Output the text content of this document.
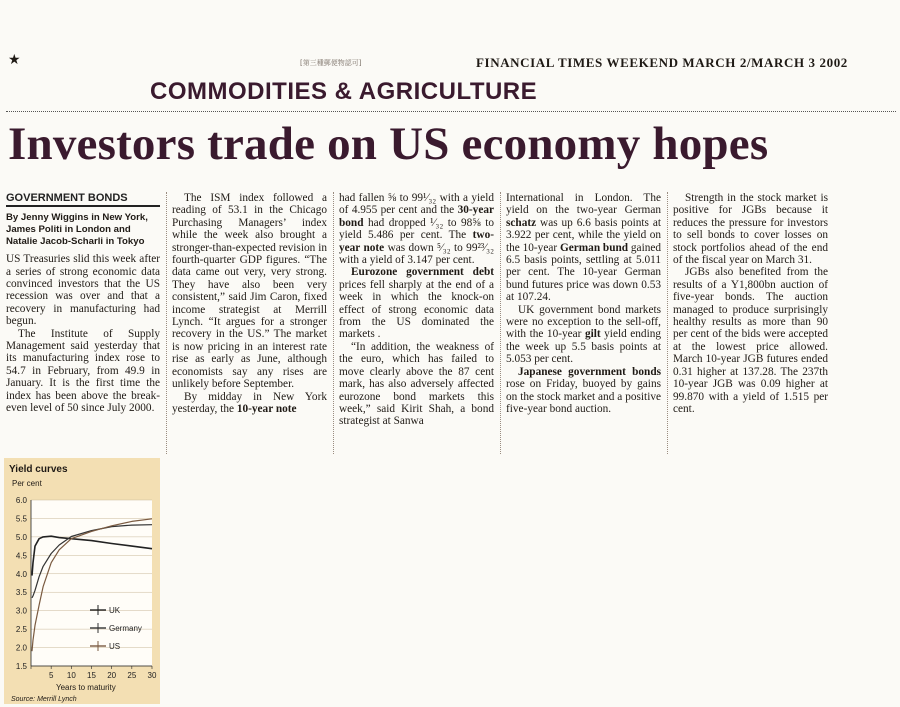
★	[第三種郵便物認可]	FINANCIAL TIMES WEEKEND MARCH 2/MARCH 3 2002
COMMODITIES & AGRICULTURE
Investors trade on US economy hopes
GOVERNMENT BONDS
By Jenny Wiggins in New York, James Politi in London and Natalie Jacob-Scharli in Tokyo

US Treasuries slid this week after a series of strong economic data convinced investors that the US recession was over and that a recovery in manufacturing had begun.

The Institute of Supply Management said yesterday that its manufacturing index rose to 54.7 in February, from 49.9 in January. It is the first time the index has been above the break-even level of 50 since July 2000.

The ISM index followed a reading of 53.1 in the Chicago Purchasing Managers’ index while the week also brought a stronger-than-expected revision in fourth-quarter GDP figures. “The data came out very, very strong. They have also been very consistent,” said Jim Caron, fixed income strategist at Merrill Lynch. “It argues for a stronger recovery in the US.” The market is now pricing in an interest rate rise as early as June, although economists say any rises are unlikely before September.

By midday in New York yesterday, the 10-year note

had fallen ⅝ to 99¹⁄₃₂ with a yield of 4.955 per cent and the 30-year bond had dropped ¹⁄₃₂ to 98⅝ to yield 5.486 per cent. The two-year note was down ⁵⁄₃₂ to 99²³⁄₃₂ with a yield of 3.147 per cent.

Eurozone government debt prices fell sharply at the end of a week in which the knock-on effect of strong economic data from the US dominated the markets .

“In addition, the weakness of the euro, which has failed to move clearly above the 87 cent mark, has also adversely affected eurozone bond markets this week,” said Kirit Shah, a bond strategist at Sanwa

International in London. The yield on the two-year German schatz was up 6.6 basis points at 3.922 per cent, while the yield on the 10-year German bund gained 6.5 basis points, settling at 5.011 per cent. The 10-year German bund futures price was down 0.53 at 107.24.

UK government bond markets were no exception to the sell-off, with the 10-year gilt yield ending the week up 5.5 basis points at 5.053 per cent.

Japanese government bonds rose on Friday, buoyed by gains on the stock market and a positive five-year bond auction.

Strength in the stock market is positive for JGBs because it reduces the pressure for investors to sell bonds to cover losses on stock portfolios ahead of the end of the fiscal year on March 31.

JGBs also benefited from the results of a Y1,800bn auction of five-year bonds. The auction managed to produce surprisingly healthy results as more than 90 per cent of the bids were accepted at the lowest price allowed. March 10-year JGB futures ended 0.31 higher at 137.28. The 237th 10-year JGB was 0.09 higher at 99.870 with a yield of 1.515 per cent.

6.0
5.5
5.0
4.5
4.0
3.5
3.0
2.5
2.0
1.5
5 10 15 20 25 30
UK
Germany
US
Yield curves
Per cent
Years to maturity
Source: Merrill Lynch
